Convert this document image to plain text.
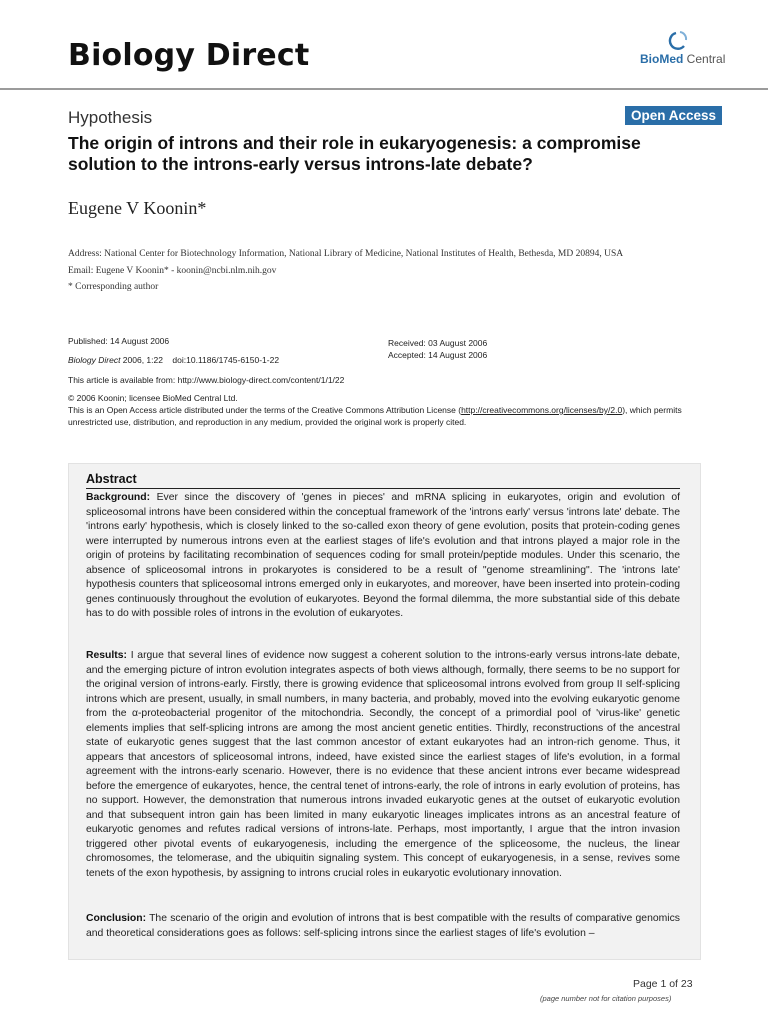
Biology Direct	BioMed Central
Hypothesis	Open Access
The origin of introns and their role in eukaryogenesis: a compromise solution to the introns-early versus introns-late debate?
Eugene V Koonin*
Address: National Center for Biotechnology Information, National Library of Medicine, National Institutes of Health, Bethesda, MD 20894, USA
Email: Eugene V Koonin* - koonin@ncbi.nlm.nih.gov
* Corresponding author
Published: 14 August 2006
Biology Direct 2006, 1:22    doi:10.1186/1745-6150-1-22
Received: 03 August 2006
Accepted: 14 August 2006
This article is available from: http://www.biology-direct.com/content/1/1/22
© 2006 Koonin; licensee BioMed Central Ltd.
This is an Open Access article distributed under the terms of the Creative Commons Attribution License (http://creativecommons.org/licenses/by/2.0), which permits unrestricted use, distribution, and reproduction in any medium, provided the original work is properly cited.
Abstract
Background: Ever since the discovery of 'genes in pieces' and mRNA splicing in eukaryotes, origin and evolution of spliceosomal introns have been considered within the conceptual framework of the 'introns early' versus 'introns late' debate. The 'introns early' hypothesis, which is closely linked to the so-called exon theory of gene evolution, posits that protein-coding genes were interrupted by numerous introns even at the earliest stages of life's evolution and that introns played a major role in the origin of proteins by facilitating recombination of sequences coding for small protein/peptide modules. Under this scenario, the absence of spliceosomal introns in prokaryotes is considered to be a result of "genome streamlining". The 'introns late' hypothesis counters that spliceosomal introns emerged only in eukaryotes, and moreover, have been inserted into protein-coding genes continuously throughout the evolution of eukaryotes. Beyond the formal dilemma, the more substantial side of this debate has to do with possible roles of introns in the evolution of eukaryotes.
Results: I argue that several lines of evidence now suggest a coherent solution to the introns-early versus introns-late debate, and the emerging picture of intron evolution integrates aspects of both views although, formally, there seems to be no support for the original version of introns-early. Firstly, there is growing evidence that spliceosomal introns evolved from group II self-splicing introns which are present, usually, in small numbers, in many bacteria, and probably, moved into the evolving eukaryotic genome from the α-proteobacterial progenitor of the mitochondria. Secondly, the concept of a primordial pool of 'virus-like' genetic elements implies that self-splicing introns are among the most ancient genetic entities. Thirdly, reconstructions of the ancestral state of eukaryotic genes suggest that the last common ancestor of extant eukaryotes had an intron-rich genome. Thus, it appears that ancestors of spliceosomal introns, indeed, have existed since the earliest stages of life's evolution, in a formal agreement with the introns-early scenario. However, there is no evidence that these ancient introns ever became widespread before the emergence of eukaryotes, hence, the central tenet of introns-early, the role of introns in early evolution of proteins, has no support. However, the demonstration that numerous introns invaded eukaryotic genes at the outset of eukaryotic evolution and that subsequent intron gain has been limited in many eukaryotic lineages implicates introns as an ancestral feature of eukaryotic genomes and refutes radical versions of introns-late. Perhaps, most importantly, I argue that the intron invasion triggered other pivotal events of eukaryogenesis, including the emergence of the spliceosome, the nucleus, the linear chromosomes, the telomerase, and the ubiquitin signaling system. This concept of eukaryogenesis, in a sense, revives some tenets of the exon hypothesis, by assigning to introns crucial roles in eukaryotic evolutionary innovation.
Conclusion: The scenario of the origin and evolution of introns that is best compatible with the results of comparative genomics and theoretical considerations goes as follows: self-splicing introns since the earliest stages of life's evolution –
Page 1 of 23
(page number not for citation purposes)
